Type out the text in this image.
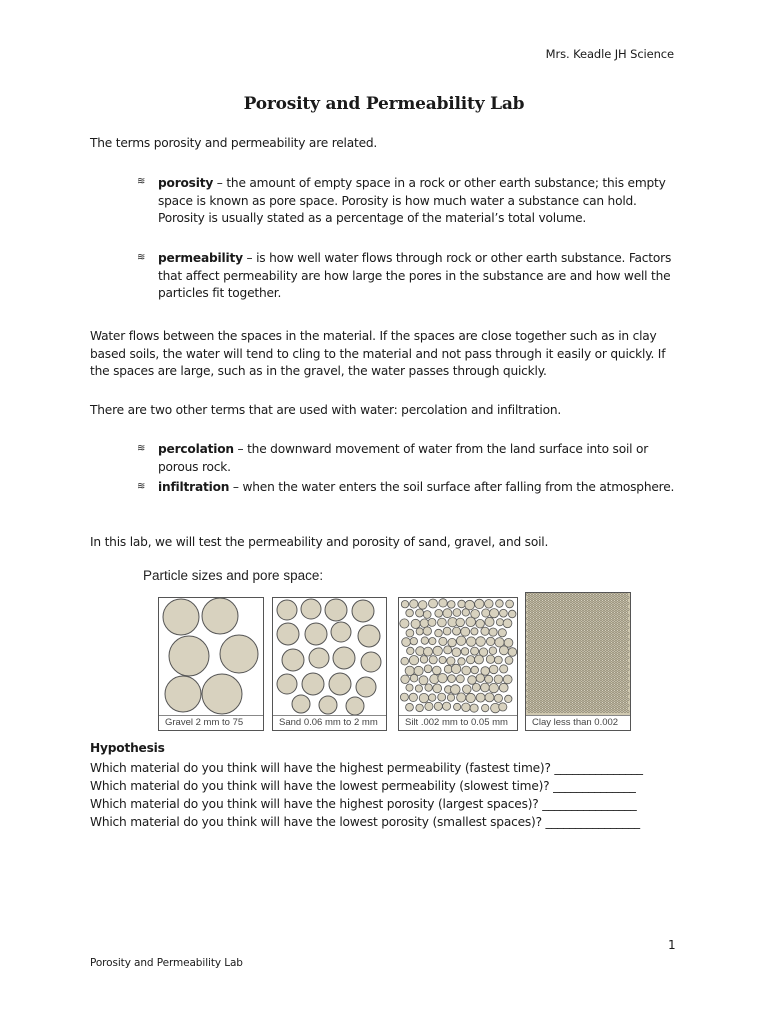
Mrs. Keadle JH Science
Porosity and Permeability Lab
The terms porosity and permeability are related.
≋ porosity – the amount of empty space in a rock or other earth substance; this empty space is known as pore space. Porosity is how much water a substance can hold. Porosity is usually stated as a percentage of the material’s total volume.
≋ permeability – is how well water flows through rock or other earth substance. Factors that affect permeability are how large the pores in the substance are and how well the particles fit together.
Water flows between the spaces in the material. If the spaces are close together such as in clay based soils, the water will tend to cling to the material and not pass through it easily or quickly. If the spaces are large, such as in the gravel, the water passes through quickly.
There are two other terms that are used with water: percolation and infiltration.
≋ percolation – the downward movement of water from the land surface into soil or porous rock.
≋ infiltration – when the water enters the soil surface after falling from the atmosphere.
In this lab, we will test the permeability and porosity of sand, gravel, and soil.
Particle sizes and pore space:
Gravel 2 mm to 75	Sand 0.06 mm to 2 mm	Silt .002 mm to 0.05 mm	Clay less than 0.002
Hypothesis
Which material do you think will have the highest permeability (fastest time)? _______________
Which material do you think will have the lowest permeability (slowest time)? ______________
Which material do you think will have the highest porosity (largest spaces)? ________________
Which material do you think will have the lowest porosity (smallest spaces)? ________________
1
Porosity and Permeability Lab
